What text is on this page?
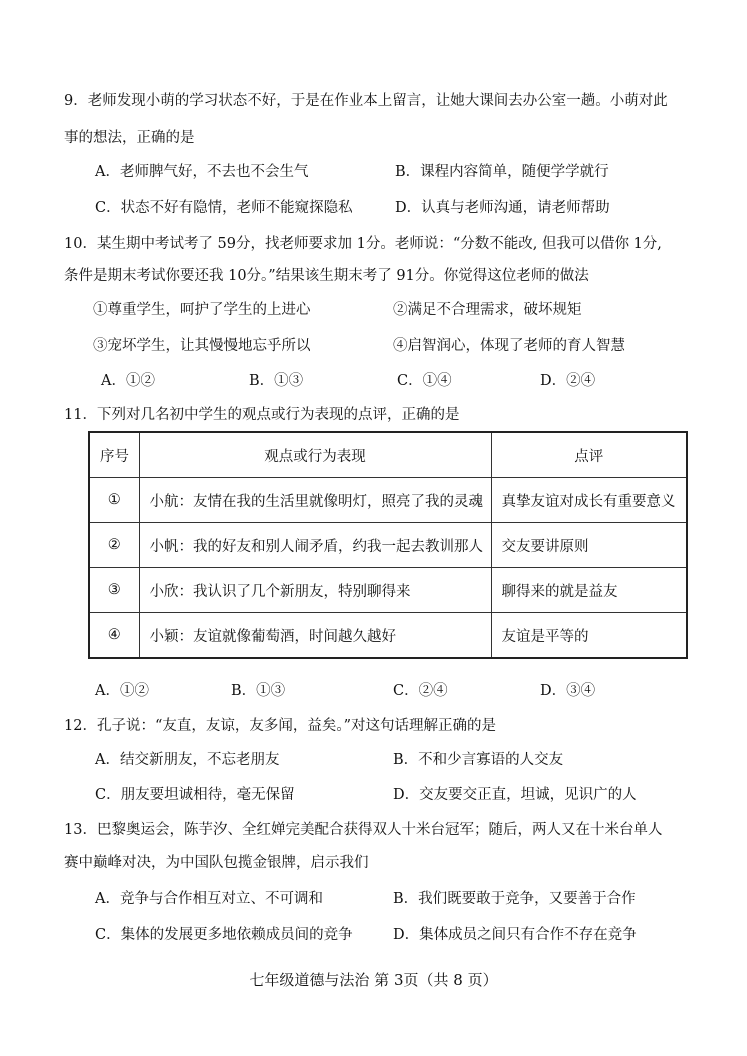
9．老师发现小萌的学习状态不好，于是在作业本上留言，让她大课间去办公室一趟。小萌对此
事的想法，正确的是
A．老师脾气好，不去也不会生气	B．课程内容简单，随便学学就行
C．状态不好有隐情，老师不能窥探隐私	D．认真与老师沟通，请老师帮助
10．某生期中考试考了 59分，找老师要求加 1分。老师说：“分数不能改, 但我可以借你 1分,
条件是期末考试你要还我 10分。”结果该生期末考了 91分。你觉得这位老师的做法
①尊重学生，呵护了学生的上进心	②满足不合理需求，破坏规矩
③宠坏学生，让其慢慢地忘乎所以	④启智润心，体现了老师的育人智慧
A．①②	B．①③	C．①④	D．②④
11．下列对几名初中学生的观点或行为表现的点评，正确的是
序号	观点或行为表现	点评
①	小航：友情在我的生活里就像明灯，照亮了我的灵魂	真挚友谊对成长有重要意义
②	小帆：我的好友和别人闹矛盾，约我一起去教训那人	交友要讲原则
③	小欣：我认识了几个新朋友，特别聊得来	聊得来的就是益友
④	小颖：友谊就像葡萄酒，时间越久越好	友谊是平等的
A．①②	B．①③	C．②④	D．③④
12．孔子说：“友直，友谅，友多闻，益矣。”对这句话理解正确的是
A．结交新朋友，不忘老朋友	B．不和少言寡语的人交友
C．朋友要坦诚相待，毫无保留	D．交友要交正直，坦诚，见识广的人
13．巴黎奥运会，陈芋汐、全红婵完美配合获得双人十米台冠军；随后，两人又在十米台单人
赛中巅峰对决，为中国队包揽金银牌，启示我们
A．竞争与合作相互对立、不可调和	B．我们既要敢于竞争，又要善于合作
C．集体的发展更多地依赖成员间的竞争	D．集体成员之间只有合作不存在竞争
七年级道德与法治 第 3页（共 8 页）
